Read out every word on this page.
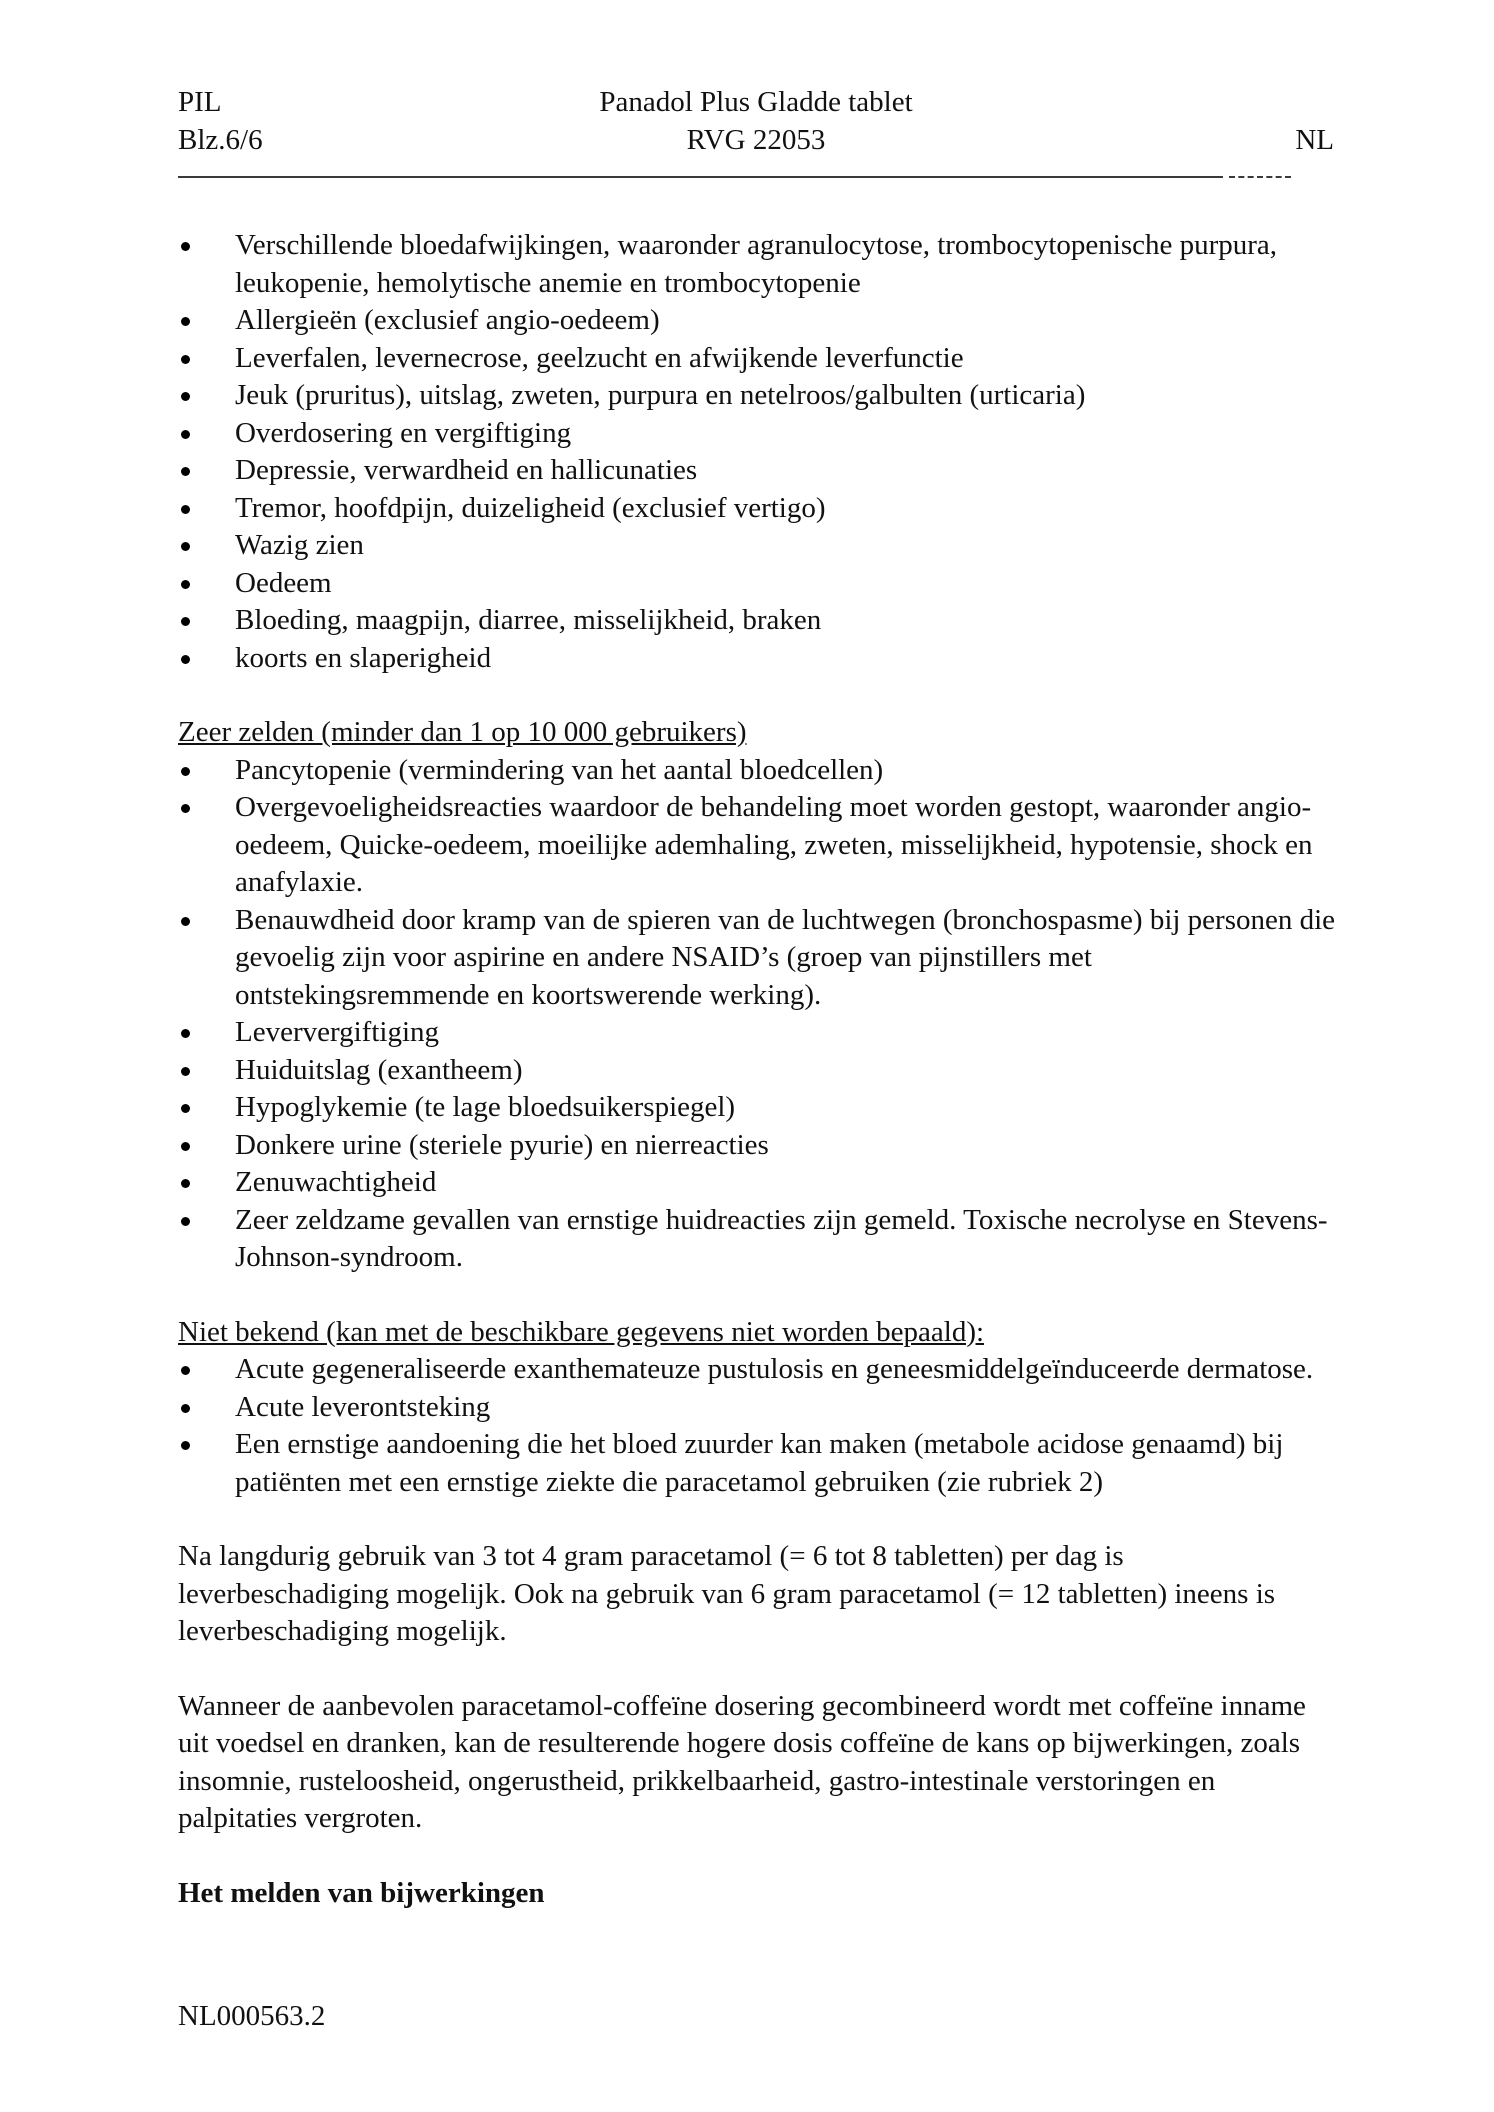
PIL	Panadol Plus Gladde tablet
Blz.6/6	RVG 22053	NL
Verschillende bloedafwijkingen, waaronder agranulocytose, trombocytopenische purpura, leukopenie, hemolytische anemie en trombocytopenie
Allergieën (exclusief angio-oedeem)
Leverfalen, levernecrose, geelzucht en afwijkende leverfunctie
Jeuk (pruritus), uitslag, zweten, purpura en netelroos/galbulten (urticaria)
Overdosering en vergiftiging
Depressie, verwardheid en hallicunaties
Tremor, hoofdpijn, duizeligheid (exclusief vertigo)
Wazig zien
Oedeem
Bloeding, maagpijn, diarree, misselijkheid, braken
koorts en slaperigheid
Zeer zelden (minder dan 1 op 10 000 gebruikers)
Pancytopenie (vermindering van het aantal bloedcellen)
Overgevoeligheidsreacties waardoor de behandeling moet worden gestopt, waaronder angio-oedeem, Quicke-oedeem, moeilijke ademhaling, zweten, misselijkheid, hypotensie, shock en anafylaxie.
Benauwdheid door kramp van de spieren van de luchtwegen (bronchospasme) bij personen die gevoelig zijn voor aspirine en andere NSAID’s (groep van pijnstillers met ontstekingsremmende en koortswerende werking).
Leververgiftiging
Huiduitslag (exantheem)
Hypoglykemie (te lage bloedsuikerspiegel)
Donkere urine (steriele pyurie) en nierreacties
Zenuwachtigheid
Zeer zeldzame gevallen van ernstige huidreacties zijn gemeld. Toxische necrolyse en Stevens-Johnson-syndroom.
Niet bekend (kan met de beschikbare gegevens niet worden bepaald):
Acute gegeneraliseerde exanthemateuze pustulosis en geneesmiddelgeïnduceerde dermatose.
Acute leverontsteking
Een ernstige aandoening die het bloed zuurder kan maken (metabole acidose genaamd) bij patiënten met een ernstige ziekte die paracetamol gebruiken (zie rubriek 2)

Na langdurig gebruik van 3 tot 4 gram paracetamol (= 6 tot 8 tabletten) per dag is leverbeschadiging mogelijk. Ook na gebruik van 6 gram paracetamol (= 12 tabletten) ineens is leverbeschadiging mogelijk.

Wanneer de aanbevolen paracetamol-coffeïne dosering gecombineerd wordt met coffeïne inname uit voedsel en dranken, kan de resulterende hogere dosis coffeïne de kans op bijwerkingen, zoals insomnie, rusteloosheid, ongerustheid, prikkelbaarheid, gastro-intestinale verstoringen en palpitaties vergroten.

Het melden van bijwerkingen
NL000563.2
